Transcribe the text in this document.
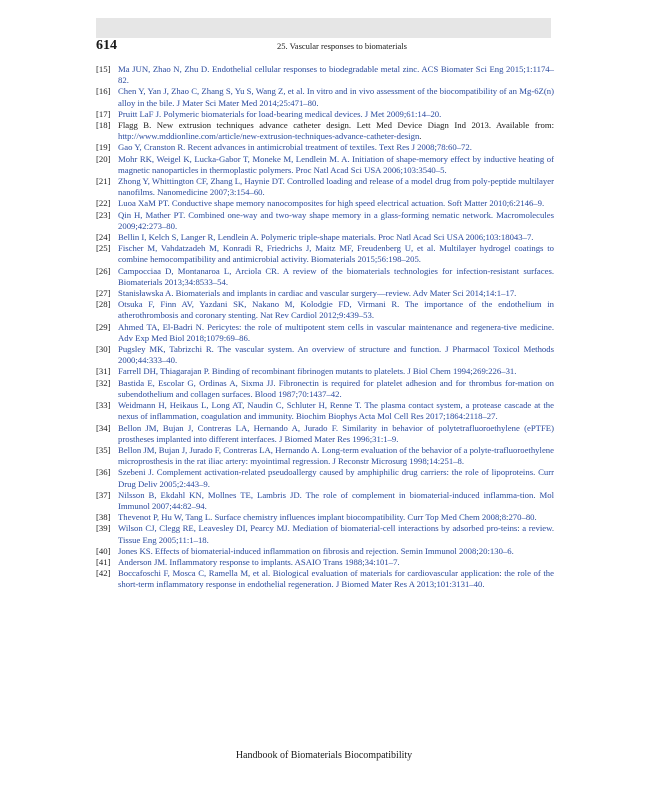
614	25. Vascular responses to biomaterials
[15] Ma JUN, Zhao N, Zhu D. Endothelial cellular responses to biodegradable metal zinc. ACS Biomater Sci Eng 2015;1:1174–82.
[16] Chen Y, Yan J, Zhao C, Zhang S, Yu S, Wang Z, et al. In vitro and in vivo assessment of the biocompatibility of an Mg-6Z(n) alloy in the bile. J Mater Sci Mater Med 2014;25:471–80.
[17] Pruitt LaF J. Polymeric biomaterials for load-bearing medical devices. J Met 2009;61:14–20.
[18] Flagg B. New extrusion techniques advance catheter design. Lett Med Device Diagn Ind 2013. Available from: http://www.mddionline.com/article/new-extrusion-techniques-advance-catheter-design.
[19] Gao Y, Cranston R. Recent advances in antimicrobial treatment of textiles. Text Res J 2008;78:60–72.
[20] Mohr RK, Weigel K, Lucka-Gabor T, Moneke M, Lendlein M. A. Initiation of shape-memory effect by inductive heating of magnetic nanoparticles in thermoplastic polymers. Proc Natl Acad Sci USA 2006;103:3540–5.
[21] Zhong Y, Whittington CF, Zhang L, Haynie DT. Controlled loading and release of a model drug from poly-peptide multilayer nanofilms. Nanomedicine 2007;3:154–60.
[22] Luoa XaM PT. Conductive shape memory nanocomposites for high speed electrical actuation. Soft Matter 2010;6:2146–9.
[23] Qin H, Mather PT. Combined one-way and two-way shape memory in a glass-forming nematic network. Macromolecules 2009;42:273–80.
[24] Bellin I, Kelch S, Langer R, Lendlein A. Polymeric triple-shape materials. Proc Natl Acad Sci USA 2006;103:18043–7.
[25] Fischer M, Vahdatzadeh M, Konradi R, Friedrichs J, Maitz MF, Freudenberg U, et al. Multilayer hydrogel coatings to combine hemocompatibility and antimicrobial activity. Biomaterials 2015;56:198–205.
[26] Campocciaa D, Montanaroa L, Arciola CR. A review of the biomaterials technologies for infection-resistant surfaces. Biomaterials 2013;34:8533–54.
[27] Stanisławska A. Biomaterials and implants in cardiac and vascular surgery—review. Adv Mater Sci 2014;14:1–17.
[28] Otsuka F, Finn AV, Yazdani SK, Nakano M, Kolodgie FD, Virmani R. The importance of the endothelium in atherothrombosis and coronary stenting. Nat Rev Cardiol 2012;9:439–53.
[29] Ahmed TA, El-Badri N. Pericytes: the role of multipotent stem cells in vascular maintenance and regenera-tive medicine. Adv Exp Med Biol 2018;1079:69–86.
[30] Pugsley MK, Tabrizchi R. The vascular system. An overview of structure and function. J Pharmacol Toxicol Methods 2000;44:333–40.
[31] Farrell DH, Thiagarajan P. Binding of recombinant fibrinogen mutants to platelets. J Biol Chem 1994;269:226–31.
[32] Bastida E, Escolar G, Ordinas A, Sixma JJ. Fibronectin is required for platelet adhesion and for thrombus for-mation on subendothelium and collagen surfaces. Blood 1987;70:1437–42.
[33] Weidmann H, Heikaus L, Long AT, Naudin C, Schluter H, Renne T. The plasma contact system, a protease cascade at the nexus of inflammation, coagulation and immunity. Biochim Biophys Acta Mol Cell Res 2017;1864:2118–27.
[34] Bellon JM, Bujan J, Contreras LA, Hernando A, Jurado F. Similarity in behavior of polytetrafluoroethylene (ePTFE) prostheses implanted into different interfaces. J Biomed Mater Res 1996;31:1–9.
[35] Bellon JM, Bujan J, Jurado F, Contreras LA, Hernando A. Long-term evaluation of the behavior of a polyte-trafluoroethylene microprosthesis in the rat iliac artery: myointimal regression. J Reconstr Microsurg 1998;14:251–8.
[36] Szebeni J. Complement activation-related pseudoallergy caused by amphiphilic drug carriers: the role of lipoproteins. Curr Drug Deliv 2005;2:443–9.
[37] Nilsson B, Ekdahl KN, Mollnes TE, Lambris JD. The role of complement in biomaterial-induced inflamma-tion. Mol Immunol 2007;44:82–94.
[38] Thevenot P, Hu W, Tang L. Surface chemistry influences implant biocompatibility. Curr Top Med Chem 2008;8:270–80.
[39] Wilson CJ, Clegg RE, Leavesley DI, Pearcy MJ. Mediation of biomaterial-cell interactions by adsorbed pro-teins: a review. Tissue Eng 2005;11:1–18.
[40] Jones KS. Effects of biomaterial-induced inflammation on fibrosis and rejection. Semin Immunol 2008;20:130–6.
[41] Anderson JM. Inflammatory response to implants. ASAIO Trans 1988;34:101–7.
[42] Boccafoschi F, Mosca C, Ramella M, et al. Biological evaluation of materials for cardiovascular application: the role of the short-term inflammatory response in endothelial regeneration. J Biomed Mater Res A 2013;101:3131–40.
Handbook of Biomaterials Biocompatibility
